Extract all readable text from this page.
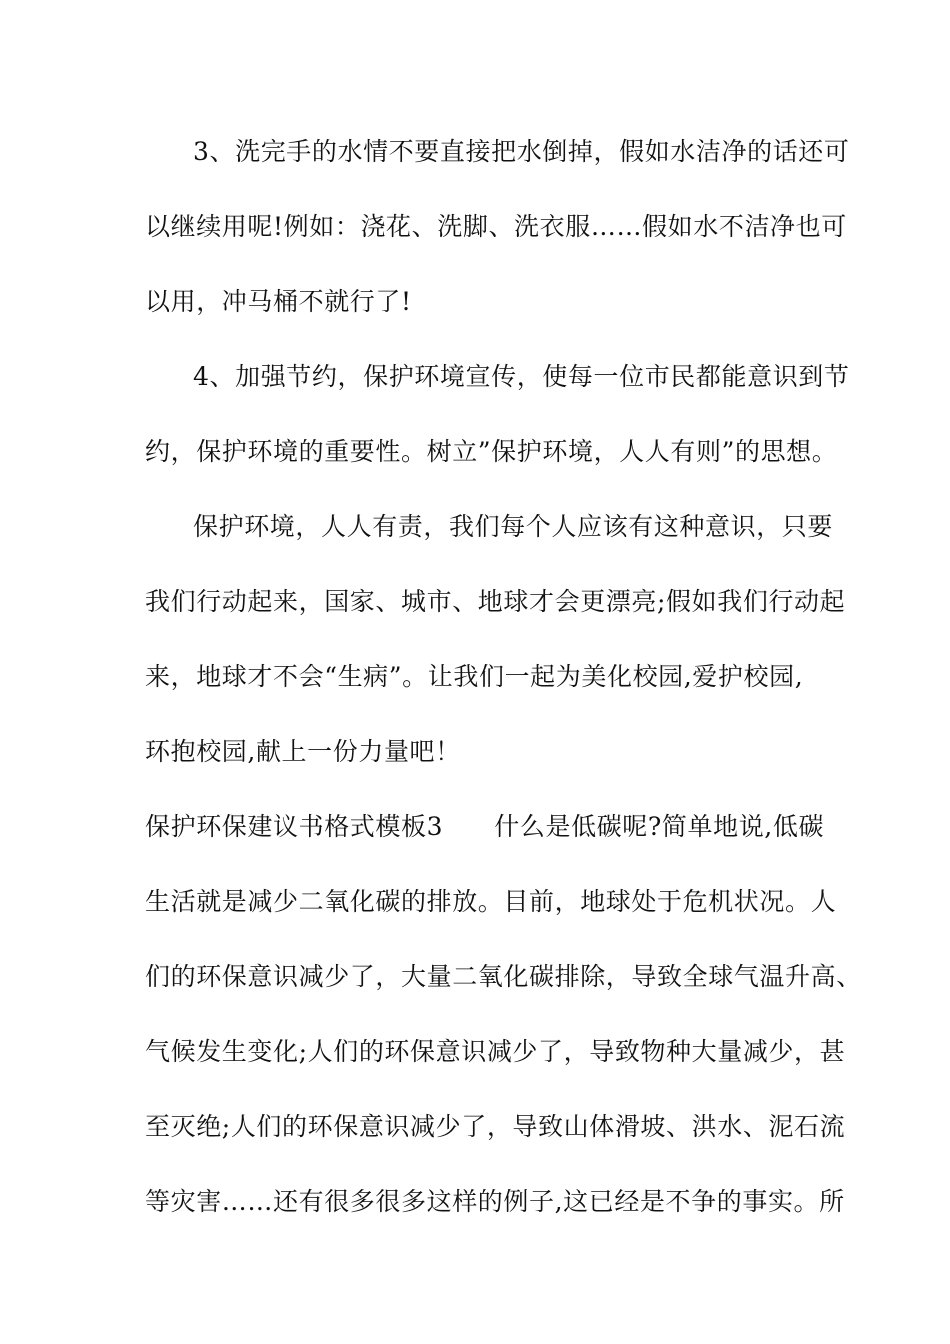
3、洗完手的水情不要直接把水倒掉，假如水洁净的话还可
以继续用呢!例如：浇花、洗脚、洗衣服……假如水不洁净也可
以用，冲马桶不就行了!
4、加强节约，保护环境宣传，使每一位市民都能意识到节
约，保护环境的重要性。树立”保护环境，人人有则”的思想。
保护环境，人人有责，我们每个人应该有这种意识，只要
我们行动起来，国家、城市、地球才会更漂亮;假如我们行动起
来，地球才不会“生病”。让我们一起为美化校园,爱护校园,
环抱校园,献上一份力量吧！
保护环保建议书格式模板3　　什么是低碳呢?简单地说,低碳
生活就是减少二氧化碳的排放。目前，地球处于危机状况。人
们的环保意识减少了，大量二氧化碳排除，导致全球气温升高、
气候发生变化;人们的环保意识减少了，导致物种大量减少，甚
至灭绝;人们的环保意识减少了，导致山体滑坡、洪水、泥石流
等灾害……还有很多很多这样的例子,这已经是不争的事实。所
